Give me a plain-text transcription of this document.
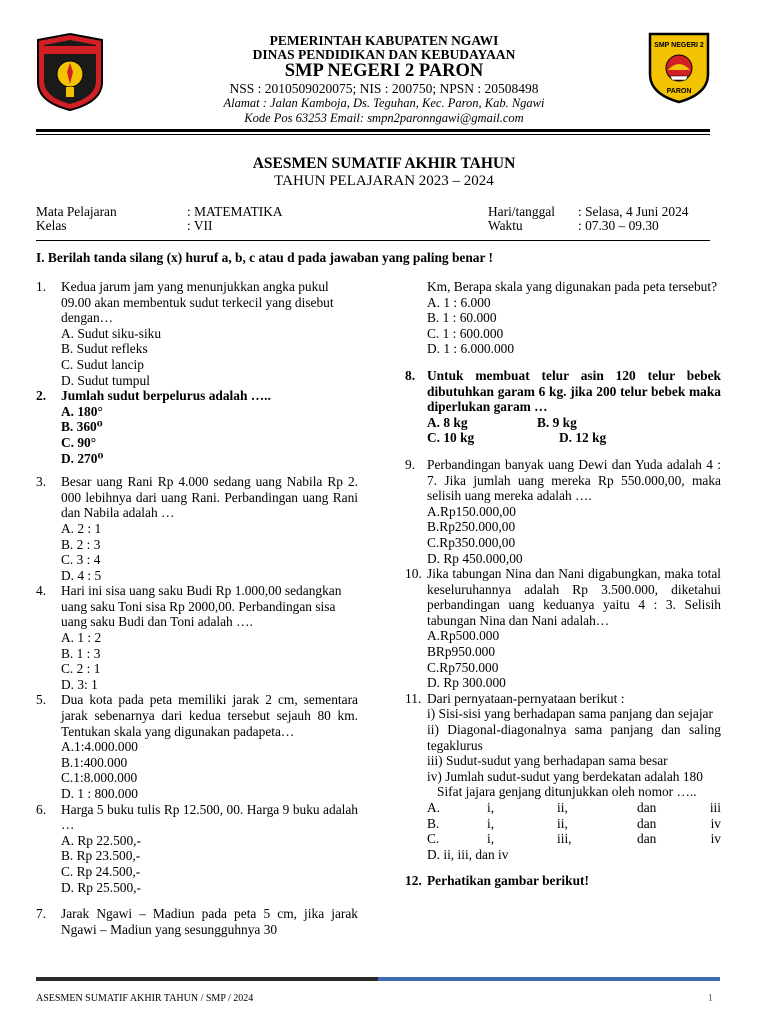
SMP NEGERI 2
PARON
PEMERINTAH KABUPATEN NGAWI
DINAS PENDIDIKAN DAN KEBUDAYAAN
SMP NEGERI 2 PARON
NSS : 2010509020075; NIS : 200750; NPSN : 20508498
Alamat : Jalan Kamboja, Ds. Teguhan, Kec. Paron, Kab. Ngawi
Kode Pos 63253 Email: smpn2paronngawi@gmail.com
ASESMEN SUMATIF AKHIR TAHUN
TAHUN PELAJARAN 2023 – 2024
Mata Pelajaran	: MATEMATIKA
Kelas	: VII
Hari/tanggal : Selasa, 4 Juni 2024
Waktu	: 07.30 – 09.30
I. Berilah tanda silang (x) huruf a, b, c atau d pada jawaban yang paling benar !
1.	Kedua jarum jam yang menunjukkan angka pukul 09.00 akan membentuk sudut terkecil yang disebut dengan…
A. Sudut siku-siku
B. Sudut refleks
C. Sudut lancip
D. Sudut tumpul
2.	Jumlah sudut berpelurus adalah …..
A. 180°
B. 360⁰
C. 90°
D. 270⁰
3.	Besar uang Rani Rp 4.000 sedang uang Nabila Rp 2. 000 lebihnya dari uang Rani. Perbandingan uang Rani dan Nabila adalah …
A. 2 : 1
B. 2 : 3
C. 3 : 4
D. 4 : 5
4.	Hari ini sisa uang saku Budi Rp 1.000,00 sedangkan uang saku Toni sisa Rp 2000,00. Perbandingan sisa uang saku Budi dan Toni adalah ….
A. 1 : 2
B. 1 : 3
C. 2 : 1
D. 3: 1
5.	Dua kota pada peta memiliki jarak 2 cm, sementara jarak sebenarnya dari kedua tersebut sejauh 80 km. Tentukan skala yang digunakan padapeta…
A.1:4.000.000
B.1:400.000
C.1:8.000.000
D. 1 : 800.000
6.	Harga 5 buku tulis Rp 12.500, 00. Harga 9 buku adalah …
A. Rp 22.500,-
B. Rp 23.500,-
C. Rp 24.500,-
D. Rp 25.500,-
7.	Jarak Ngawi – Madiun pada peta 5 cm, jika jarak Ngawi – Madiun yang sesungguhnya 30
Km, Berapa skala yang digunakan pada peta tersebut?
A. 1 : 6.000
B. 1 : 60.000
C. 1 : 600.000
D. 1 : 6.000.000
8. Untuk membuat telur asin 120 telur bebek dibutuhkan garam 6 kg. jika 200 telur bebek maka diperlukan garam …
A. 8 kg	B. 9 kg
C. 10 kg	D. 12 kg
9. Perbandingan banyak uang Dewi dan Yuda adalah 4 : 7. Jika jumlah uang mereka Rp 550.000,00, maka selisih uang mereka adalah ….
A.Rp150.000,00
B.Rp250.000,00
C.Rp350.000,00
D. Rp 450.000,00
10. Jika tabungan Nina dan Nani digabungkan, maka total keseluruhannya adalah Rp 3.500.000, diketahui perbandingan uang keduanya yaitu 4 : 3. Selisih tabungan Nina dan Nani adalah…
A.Rp500.000
BRp950.000
C.Rp750.000
D. Rp 300.000
11. Dari pernyataan-pernyataan berikut :
i) Sisi-sisi yang berhadapan sama panjang dan sejajar
ii) Diagonal-diagonalnya sama panjang dan saling tegaklurus
iii) Sudut-sudut yang berhadapan sama besar
iv) Jumlah sudut-sudut yang berdekatan adalah 180
Sifat jajara genjang ditunjukkan oleh nomor …..
A.	i,	ii,	dan	iii
B.	i,	ii,	dan	iv
C.	i,	iii,	dan	iv
D. ii, iii, dan iv
12. Perhatikan gambar berikut!
ASESMEN SUMATIF AKHIR TAHUN / SMP / 2024	1
